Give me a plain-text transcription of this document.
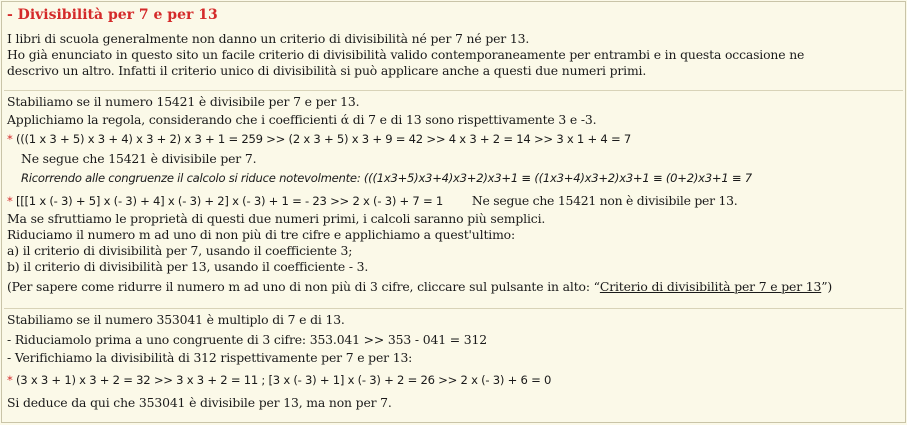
- Divisibilità per 7 e per 13
I libri di scuola generalmente non danno un criterio di divisibilità né per 7 né per 13.
Ho già enunciato in questo sito un facile criterio di divisibilità valido contemporaneamente per entrambi e in questa occasione ne
descrivo un altro. Infatti il criterio unico di divisibilità si può applicare anche a questi due numeri primi.
Stabiliamo se il numero 15421 è divisibile per 7 e per 13.
Applichiamo la regola, considerando che i coefficienti ά di 7 e di 13 sono rispettivamente 3 e -3.
* (((1 x 3 + 5) x 3 + 4) x 3 + 2) x 3 + 1 = 259 >> (2 x 3 + 5) x 3 + 9 = 42 >> 4 x 3 + 2 = 14 >> 3 x 1 + 4 = 7
Ne segue che 15421 è divisibile per 7.
Ricorrendo alle congruenze il calcolo si riduce notevolmente: (((1x3+5)x3+4)x3+2)x3+1 ≡ ((1x3+4)x3+2)x3+1 ≡ (0+2)x3+1 ≡ 7
* [[[1 x (- 3) + 5] x (- 3) + 4] x (- 3) + 2] x (- 3) + 1 = - 23 >> 2 x (- 3) + 7 = 1 Ne segue che 15421 non è divisibile per 13.
Ma se sfruttiamo le proprietà di questi due numeri primi, i calcoli saranno più semplici.
Riduciamo il numero m ad uno di non più di tre cifre e applichiamo a quest'ultimo:
a) il criterio di divisibilità per 7, usando il coefficiente 3;
b) il criterio di divisibilità per 13, usando il coefficiente - 3.
(Per sapere come ridurre il numero m ad uno di non più di 3 cifre, cliccare sul pulsante in alto: “Criterio di divisibilità per 7 e per 13”)
Stabiliamo se il numero 353041 è multiplo di 7 e di 13.
- Riduciamolo prima a uno congruente di 3 cifre: 353.041 >> 353 - 041 = 312
- Verifichiamo la divisibilità di 312 rispettivamente per 7 e per 13:
* (3 x 3 + 1) x 3 + 2 = 32 >> 3 x 3 + 2 = 11 ; [3 x (- 3) + 1] x (- 3) + 2 = 26 >> 2 x (- 3) + 6 = 0
Si deduce da qui che 353041 è divisibile per 13, ma non per 7.
